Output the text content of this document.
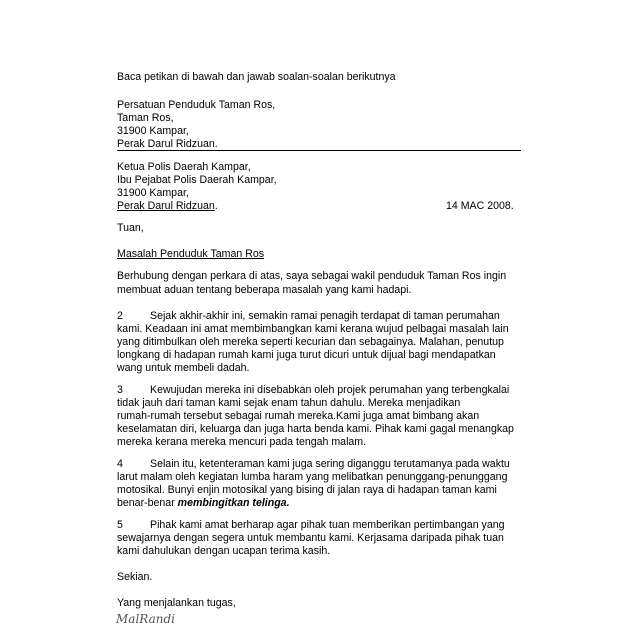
Baca petikan di bawah dan jawab soalan-soalan berikutnya
Persatuan Penduduk Taman Ros,
Taman Ros,
31900 Kampar,
Perak Darul Ridzuan.
Ketua Polis Daerah Kampar,
Ibu Pejabat Polis Daerah Kampar,
31900 Kampar,
Perak Darul Ridzuan.	14 MAC 2008.
Tuan,
Masalah Penduduk Taman Ros
Berhubung dengan perkara di atas, saya sebagai wakil penduduk Taman Ros ingin
membuat aduan tentang beberapa masalah yang kami hadapi.
2	Sejak akhir-akhir ini, semakin ramai penagih terdapat di taman perumahan
kami. Keadaan ini amat membimbangkan kami kerana wujud pelbagai masalah lain
yang ditimbulkan oleh mereka seperti kecurian dan sebagainya. Malahan, penutup
longkang di hadapan rumah kami juga turut dicuri untuk dijual bagi mendapatkan
wang untuk membeli dadah.
3	Kewujudan mereka ini disebabkan oleh projek perumahan yang terbengkalai
tidak jauh dari taman kami sejak enam tahun dahulu. Mereka menjadikan
rumah-rumah tersebut sebagai rumah mereka.Kami juga amat bimbang akan
keselamatan diri, keluarga dan juga harta benda kami. Pihak kami gagal menangkap
mereka kerana mereka mencuri pada tengah malam.
4	Selain itu, ketenteraman kami juga sering diganggu terutamanya pada waktu
larut malam oleh kegiatan lumba haram yang melibatkan penunggang-penunggang
motosikal. Bunyi enjin motosikal yang bising di jalan raya di hadapan taman kami
benar-benar membingitkan telinga.
5	Pihak kami amat berharap agar pihak tuan memberikan pertimbangan yang
sewajarnya dengan segera untuk membantu kami. Kerjasama daripada pihak tuan
kami dahulukan dengan ucapan terima kasih.
Sekian.
Yang menjalankan tugas,
MalRandi
